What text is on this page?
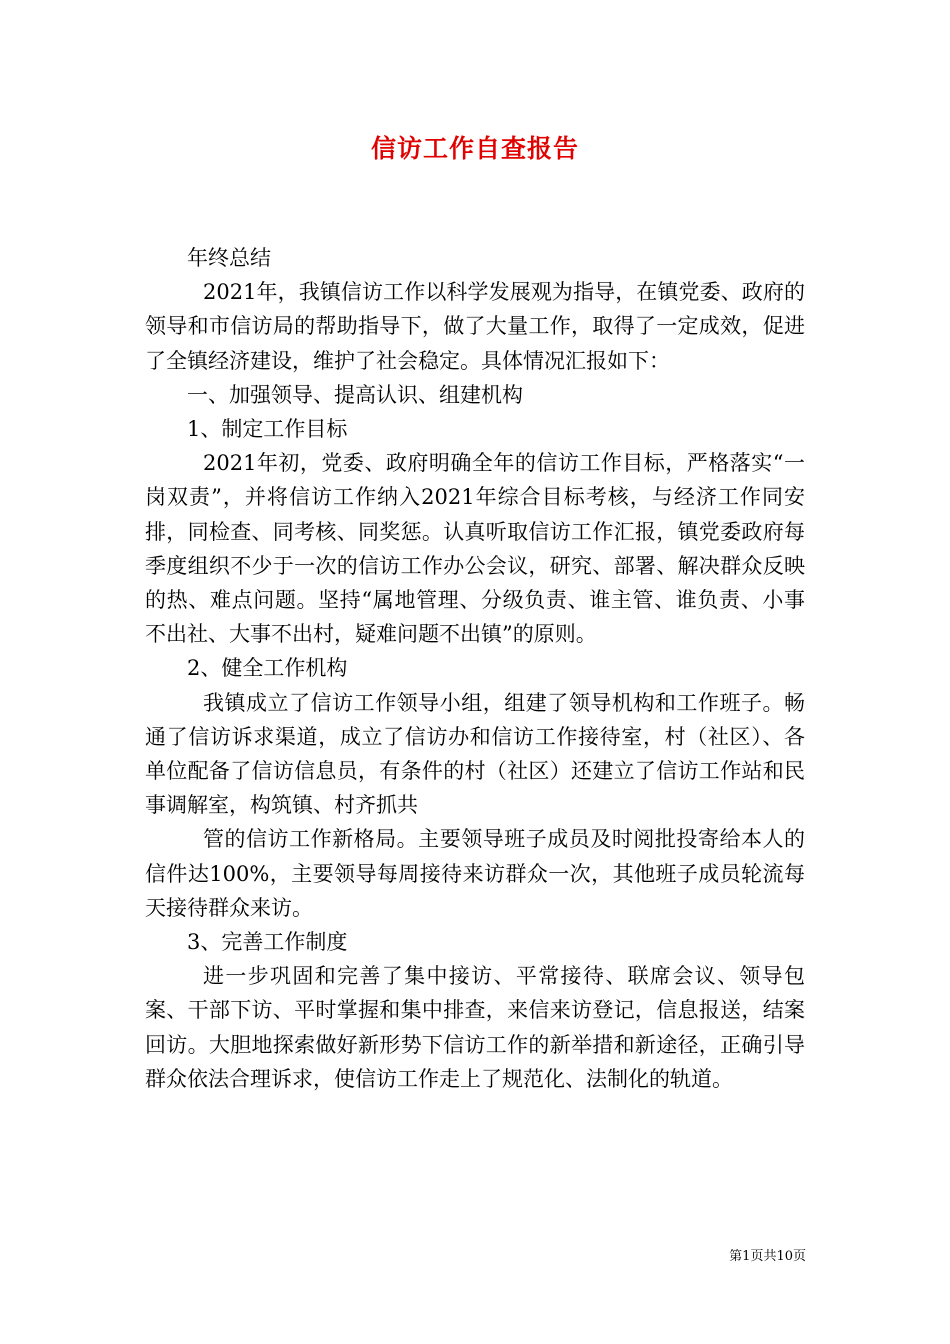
信访工作自查报告

年终总结

2021年，我镇信访工作以科学发展观为指导，在镇党委、政府的领导和市信访局的帮助指导下，做了大量工作，取得了一定成效，促进了全镇经济建设，维护了社会稳定。具体情况汇报如下：

一、加强领导、提高认识、组建机构

1、制定工作目标

2021年初，党委、政府明确全年的信访工作目标，严格落实“一岗双责”，并将信访工作纳入2021年综合目标考核，与经济工作同安排，同检查、同考核、同奖惩。认真听取信访工作汇报，镇党委政府每季度组织不少于一次的信访工作办公会议，研究、部署、解决群众反映的热、难点问题。坚持“属地管理、分级负责、谁主管、谁负责、小事不出社、大事不出村，疑难问题不出镇”的原则。

2、健全工作机构

我镇成立了信访工作领导小组，组建了领导机构和工作班子。畅通了信访诉求渠道，成立了信访办和信访工作接待室，村（社区）、各单位配备了信访信息员，有条件的村（社区）还建立了信访工作站和民事调解室，构筑镇、村齐抓共

管的信访工作新格局。主要领导班子成员及时阅批投寄给本人的信件达100%，主要领导每周接待来访群众一次，其他班子成员轮流每天接待群众来访。

3、完善工作制度

进一步巩固和完善了集中接访、平常接待、联席会议、领导包案、干部下访、平时掌握和集中排查，来信来访登记，信息报送，结案回访。大胆地探索做好新形势下信访工作的新举措和新途径，正确引导群众依法合理诉求，使信访工作走上了规范化、法制化的轨道。

第1页共10页
